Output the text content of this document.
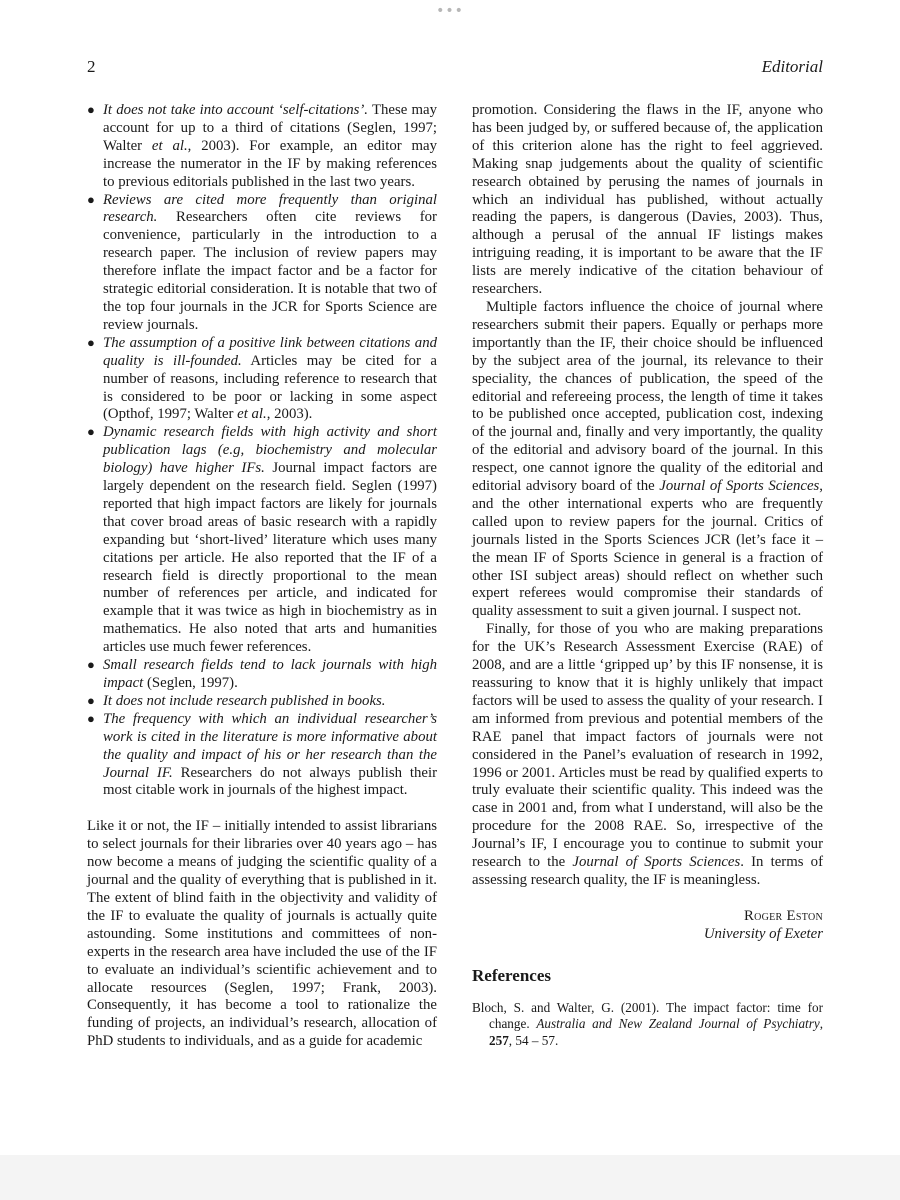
•••
2	Editorial
● It does not take into account ‘self-citations’. These may account for up to a third of citations (Seglen, 1997; Walter et al., 2003). For example, an editor may increase the numerator in the IF by making references to previous editorials published in the last two years.
● Reviews are cited more frequently than original research. Researchers often cite reviews for convenience, particularly in the introduction to a research paper. The inclusion of review papers may therefore inflate the impact factor and be a factor for strategic editorial consideration. It is notable that two of the top four journals in the JCR for Sports Science are review journals.
● The assumption of a positive link between citations and quality is ill-founded. Articles may be cited for a number of reasons, including reference to research that is considered to be poor or lacking in some aspect (Opthof, 1997; Walter et al., 2003).
● Dynamic research fields with high activity and short publication lags (e.g, biochemistry and molecular biology) have higher IFs. Journal impact factors are largely dependent on the research field. Seglen (1997) reported that high impact factors are likely for journals that cover broad areas of basic research with a rapidly expanding but ‘short-lived’ literature which uses many citations per article. He also reported that the IF of a research field is directly proportional to the mean number of references per article, and indicated for example that it was twice as high in biochemistry as in mathematics. He also noted that arts and humanities articles use much fewer references.
● Small research fields tend to lack journals with high impact (Seglen, 1997).
● It does not include research published in books.
● The frequency with which an individual researcher’s work is cited in the literature is more informative about the quality and impact of his or her research than the Journal IF. Researchers do not always publish their most citable work in journals of the highest impact.

Like it or not, the IF – initially intended to assist librarians to select journals for their libraries over 40 years ago – has now become a means of judging the scientific quality of a journal and the quality of everything that is published in it. The extent of blind faith in the objectivity and validity of the IF to evaluate the quality of journals is actually quite astounding. Some institutions and committees of non-experts in the research area have included the use of the IF to evaluate an individual’s scientific achievement and to allocate resources (Seglen, 1997; Frank, 2003). Consequently, it has become a tool to rationalize the funding of projects, an individual’s research, allocation of PhD students to individuals, and as a guide for academic

promotion. Considering the flaws in the IF, anyone who has been judged by, or suffered because of, the application of this criterion alone has the right to feel aggrieved. Making snap judgements about the quality of scientific research obtained by perusing the names of journals in which an individual has published, without actually reading the papers, is dangerous (Davies, 2003). Thus, although a perusal of the annual IF listings makes intriguing reading, it is important to be aware that the IF lists are merely indicative of the citation behaviour of researchers.

Multiple factors influence the choice of journal where researchers submit their papers. Equally or perhaps more importantly than the IF, their choice should be influenced by the subject area of the journal, its relevance to their speciality, the chances of publication, the speed of the editorial and refereeing process, the length of time it takes to be published once accepted, publication cost, indexing of the journal and, finally and very importantly, the quality of the editorial and advisory board of the journal. In this respect, one cannot ignore the quality of the editorial and editorial advisory board of the Journal of Sports Sciences, and the other international experts who are frequently called upon to review papers for the journal. Critics of journals listed in the Sports Sciences JCR (let’s face it – the mean IF of Sports Science in general is a fraction of other ISI subject areas) should reflect on whether such expert referees would compromise their standards of quality assessment to suit a given journal. I suspect not.

Finally, for those of you who are making preparations for the UK’s Research Assessment Exercise (RAE) of 2008, and are a little ‘gripped up’ by this IF nonsense, it is reassuring to know that it is highly unlikely that impact factors will be used to assess the quality of your research. I am informed from previous and potential members of the RAE panel that impact factors of journals were not considered in the Panel’s evaluation of research in 1992, 1996 or 2001. Articles must be read by qualified experts to truly evaluate their scientific quality. This indeed was the case in 2001 and, from what I understand, will also be the procedure for the 2008 RAE. So, irrespective of the Journal’s IF, I encourage you to continue to submit your research to the Journal of Sports Sciences. In terms of assessing research quality, the IF is meaningless.

Roger Eston
University of Exeter
References
Bloch, S. and Walter, G. (2001). The impact factor: time for change. Australia and New Zealand Journal of Psychiatry, 257, 54 – 57.
